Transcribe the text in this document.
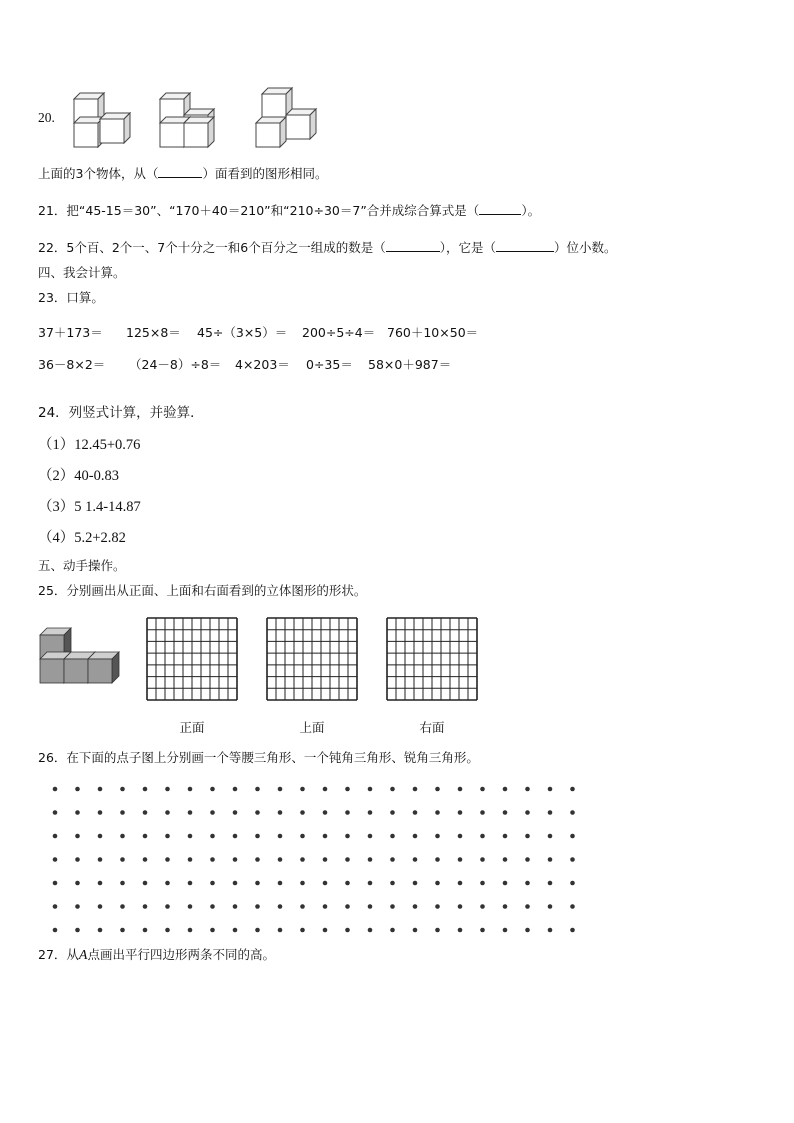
20.
上面的3个物体，从（	）面看到的图形相同。
21．把“45-15＝30”、“170＋40＝210”和“210÷30＝7”合并成综合算式是（	）。
22．5个百、2个一、7个十分之一和6个百分之一组成的数是（	），它是（	）位小数。
四、我会计算。
23．口算。
37＋173＝ 125×8＝ 45÷（3×5）＝ 200÷5÷4＝ 760＋10×50＝
36－8×2＝ （24－8）÷8＝ 4×203＝ 0÷35＝ 58×0＋987＝
24．列竖式计算，并验算．
（1）12.45+0.76
（2）40-0.83
（3）5 1.4-14.87
（4）5.2+2.82
五、动手操作。
25．分别画出从正面、上面和右面看到的立体图形的形状。
正面	上面	右面
26．在下面的点子图上分别画一个等腰三角形、一个钝角三角形、锐角三角形。
27．从A点画出平行四边形两条不同的高。
